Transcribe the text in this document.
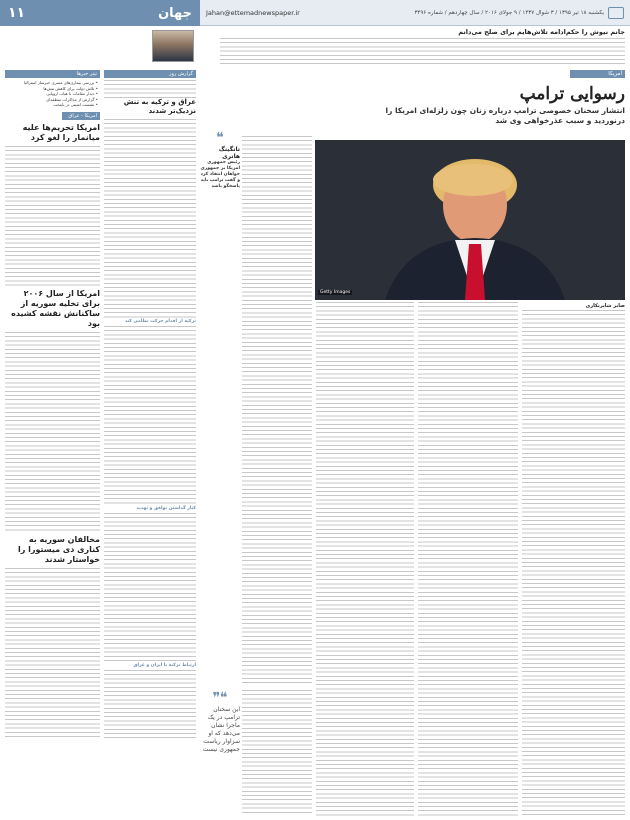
۱۱	جهان Jahan@ettemadnewspaper.ir	یکشنبه ۱۸ تیر ۱۳۹۵ / ۳ شوال ۱۴۳۷ / ۹ جولای ۲۰۱۶ / سال چهاردهم / شماره ۳۴۹۶
جانم نیوش را حکم‌ادامه تلاش‌هایم برای صلح می‌دانم
تیتر خبر‌ها
• بررسی بیماری‌های مسری خبرساز استرالیا
• تلاش دولت برای کاهش تنش‌ها
• دیدار مقامات با هیات اروپایی
• گزارش از مذاکرات منطقه‌ای
• نشست امنیتی در پایتخت
امریکا - عراق
امریکا تحریم‌ها علیه میانمار را لغو کرد
امریکا از سال ۲۰۰۶ برای تخلیه سوریه از ساکنانش نقشه کشیده بود
مخالفان سوریه به کناری دی میستورا را خواستار شدند
گزارش روز
عراق و ترکیه به تنش نزدیک‌تر شدند
ترکیه از اقدام حرکت نظامی کند
کنار گذاشتن توافق و تهدید
ارتباط ترکیه با ایران و عراق
❝
تانگینگ هانری
رئیس جمهوری امریکا بر جمهوری خواهان انتقاد کرد و گفت ترامپ باید پاسخگو باشد
❝❞
این سخنان ترامپ در یک ماجرا نشان می‌دهد که او سزاوار ریاست جمهوری نیست
آمریکا
رسوایی ترامپ
انتشار سخنان خصوصی ترامپ درباره زنان چون زلزله‌ای امریکا را درنوردید و سبب عذرخواهی وی شد
Getty Images
صابر شاپرنکاری
